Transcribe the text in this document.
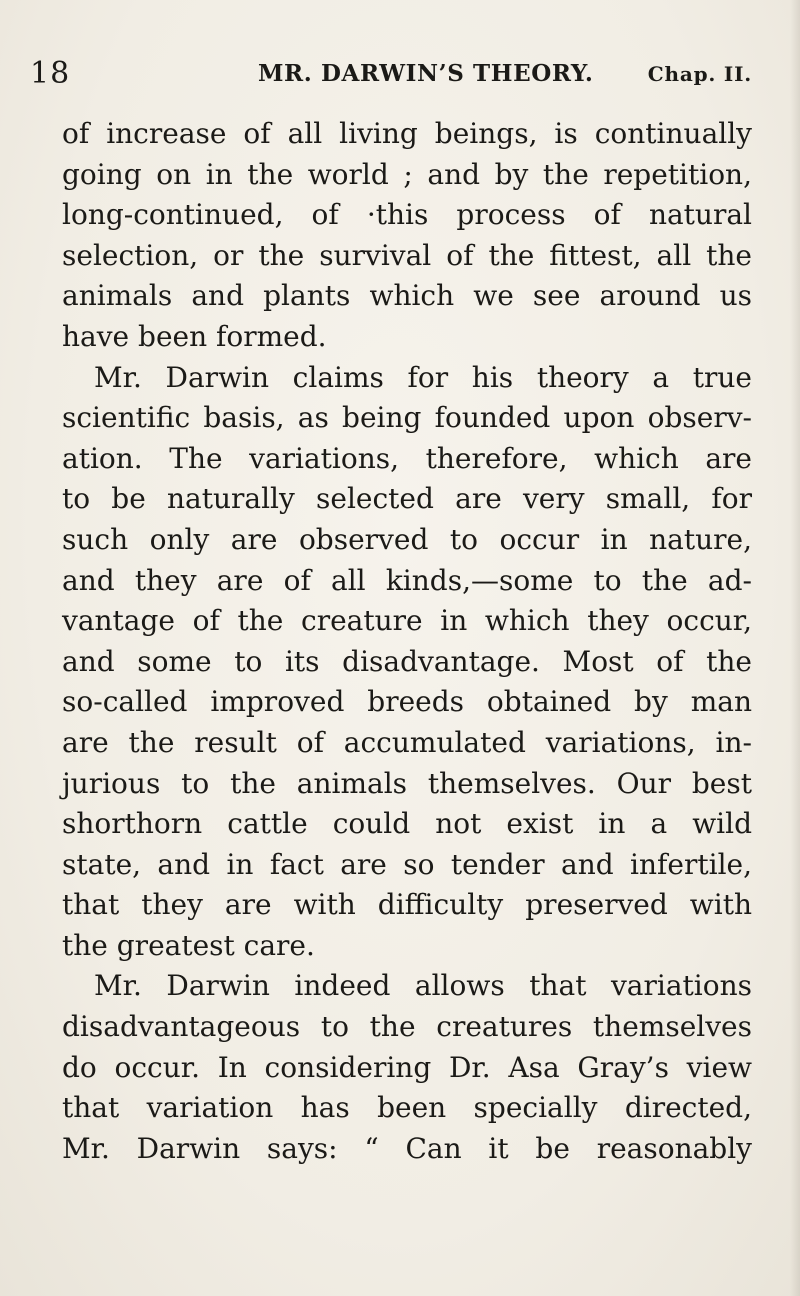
18	MR. DARWIN’S THEORY.	Chap. II.
of increase of all living beings, is continually
going on in the world ; and by the repetition,
long-continued, of ·this process of natural
selection, or the survival of the fittest, all the
animals and plants which we see around us
have been formed.
Mr. Darwin claims for his theory a true
scientific basis, as being founded upon observ-
ation. The variations, therefore, which are
to be naturally selected are very small, for
such only are observed to occur in nature,
and they are of all kinds,—some to the ad-
vantage of the creature in which they occur,
and some to its disadvantage. Most of the
so-called improved breeds obtained by man
are the result of accumulated variations, in-
jurious to the animals themselves. Our best
shorthorn cattle could not exist in a wild
state, and in fact are so tender and infertile,
that they are with difficulty preserved with
the greatest care.
Mr. Darwin indeed allows that variations
disadvantageous to the creatures themselves
do occur. In considering Dr. Asa Gray’s view
that variation has been specially directed,
Mr. Darwin says: “ Can it be reasonably
